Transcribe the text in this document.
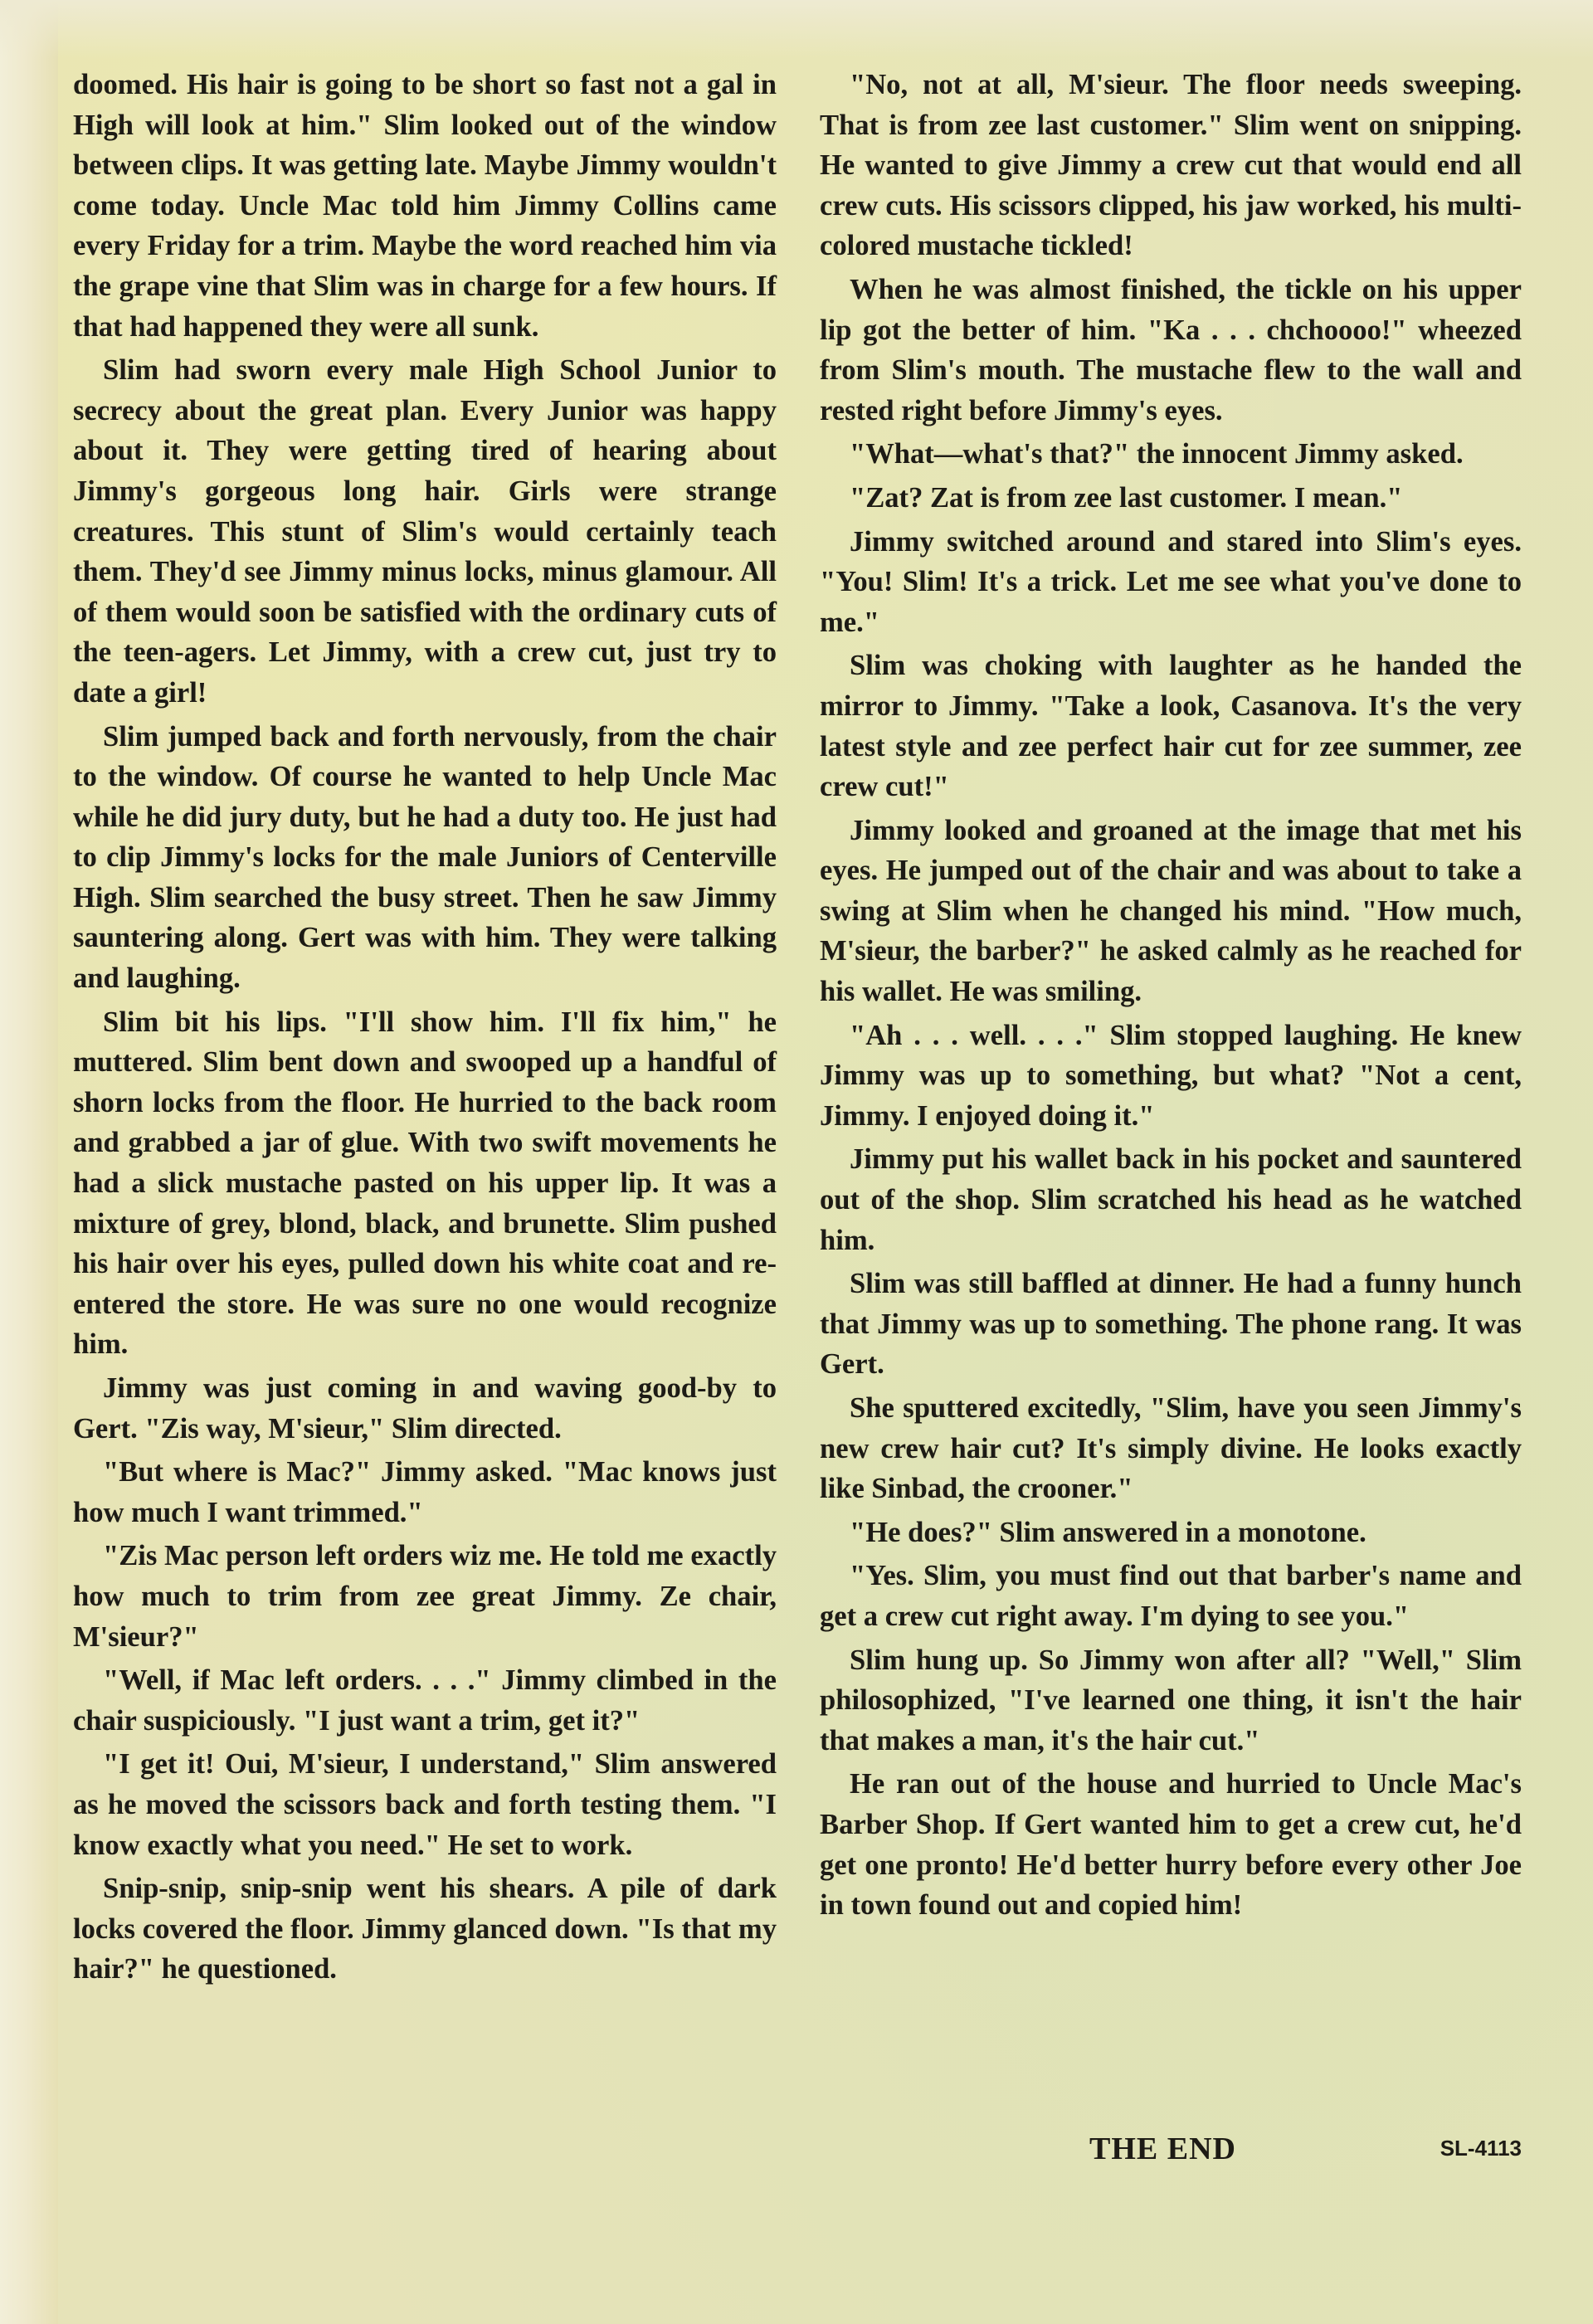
doomed. His hair is going to be short so fast not a gal in High will look at him." Slim looked out of the window between clips. It was getting late. Maybe Jimmy wouldn't come today. Uncle Mac told him Jimmy Collins came every Friday for a trim. Maybe the word reached him via the grape vine that Slim was in charge for a few hours. If that had happened they were all sunk.

Slim had sworn every male High School Junior to secrecy about the great plan. Every Junior was happy about it. They were getting tired of hearing about Jimmy's gorgeous long hair. Girls were strange creatures. This stunt of Slim's would certainly teach them. They'd see Jimmy minus locks, minus glamour. All of them would soon be satisfied with the ordinary cuts of the teen-agers. Let Jimmy, with a crew cut, just try to date a girl!

Slim jumped back and forth nervously, from the chair to the window. Of course he wanted to help Uncle Mac while he did jury duty, but he had a duty too. He just had to clip Jimmy's locks for the male Juniors of Centerville High. Slim searched the busy street. Then he saw Jimmy sauntering along. Gert was with him. They were talking and laughing.

Slim bit his lips. "I'll show him. I'll fix him," he muttered. Slim bent down and swooped up a handful of shorn locks from the floor. He hurried to the back room and grabbed a jar of glue. With two swift movements he had a slick mustache pasted on his upper lip. It was a mixture of grey, blond, black, and brunette. Slim pushed his hair over his eyes, pulled down his white coat and re-entered the store. He was sure no one would recognize him.

Jimmy was just coming in and waving good-by to Gert. "Zis way, M'sieur," Slim directed.

"But where is Mac?" Jimmy asked. "Mac knows just how much I want trimmed."

"Zis Mac person left orders wiz me. He told me exactly how much to trim from zee great Jimmy. Ze chair, M'sieur?"

"Well, if Mac left orders. . . ." Jimmy climbed in the chair suspiciously. "I just want a trim, get it?"

"I get it! Oui, M'sieur, I understand," Slim answered as he moved the scissors back and forth testing them. "I know exactly what you need." He set to work.

Snip-snip, snip-snip went his shears. A pile of dark locks covered the floor. Jimmy glanced down. "Is that my hair?" he questioned.

"No, not at all, M'sieur. The floor needs sweeping. That is from zee last customer." Slim went on snipping. He wanted to give Jimmy a crew cut that would end all crew cuts. His scissors clipped, his jaw worked, his multi-colored mustache tickled!

When he was almost finished, the tickle on his upper lip got the better of him. "Ka . . . chchoooo!" wheezed from Slim's mouth. The mustache flew to the wall and rested right before Jimmy's eyes.

"What—what's that?" the innocent Jimmy asked.

"Zat? Zat is from zee last customer. I mean."

Jimmy switched around and stared into Slim's eyes. "You! Slim! It's a trick. Let me see what you've done to me."

Slim was choking with laughter as he handed the mirror to Jimmy. "Take a look, Casanova. It's the very latest style and zee perfect hair cut for zee summer, zee crew cut!"

Jimmy looked and groaned at the image that met his eyes. He jumped out of the chair and was about to take a swing at Slim when he changed his mind. "How much, M'sieur, the barber?" he asked calmly as he reached for his wallet. He was smiling.

"Ah . . . well. . . ." Slim stopped laughing. He knew Jimmy was up to something, but what? "Not a cent, Jimmy. I enjoyed doing it."

Jimmy put his wallet back in his pocket and sauntered out of the shop. Slim scratched his head as he watched him.

Slim was still baffled at dinner. He had a funny hunch that Jimmy was up to something. The phone rang. It was Gert.

She sputtered excitedly, "Slim, have you seen Jimmy's new crew hair cut? It's simply divine. He looks exactly like Sinbad, the crooner."

"He does?" Slim answered in a monotone.

"Yes. Slim, you must find out that barber's name and get a crew cut right away. I'm dying to see you."

Slim hung up. So Jimmy won after all? "Well," Slim philosophized, "I've learned one thing, it isn't the hair that makes a man, it's the hair cut."

He ran out of the house and hurried to Uncle Mac's Barber Shop. If Gert wanted him to get a crew cut, he'd get one pronto! He'd better hurry before every other Joe in town found out and copied him!

THE END	SL-4113
